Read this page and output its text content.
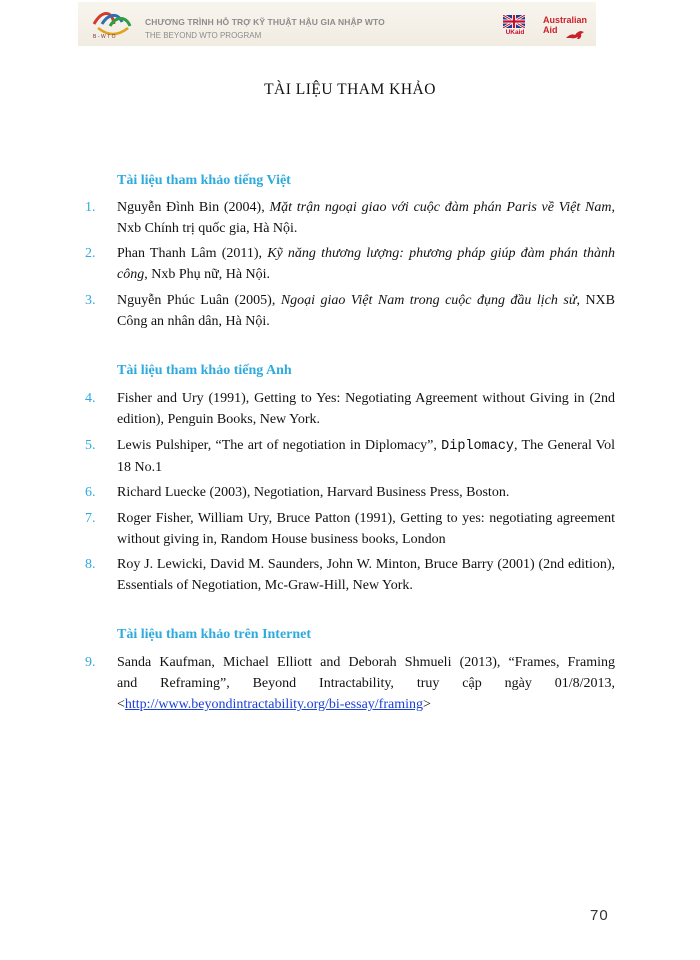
B-WTO
CHƯƠNG TRÌNH HỖ TRỢ KỸ THUẬT HẬU GIA NHẬP WTO
THE BEYOND WTO PROGRAM	UKaid
Australian
Aid
TÀI LIỆU THAM KHẢO
Tài liệu tham khảo tiếng Việt
1. Nguyễn Đình Bin (2004), Mặt trận ngoại giao với cuộc đàm phán Paris về Việt Nam, Nxb Chính trị quốc gia, Hà Nội.
2. Phan Thanh Lâm (2011), Kỹ năng thương lượng: phương pháp giúp đàm phán thành công, Nxb Phụ nữ, Hà Nội.
3. Nguyễn Phúc Luân (2005), Ngoại giao Việt Nam trong cuộc đụng đầu lịch sử, NXB Công an nhân dân, Hà Nội.
Tài liệu tham khảo tiếng Anh
4. Fisher and Ury (1991), Getting to Yes: Negotiating Agreement without Giving in (2nd edition), Penguin Books, New York.
5. Lewis Pulshiper, “The art of negotiation in Diplomacy”, Diplomacy, The General Vol 18 No.1
6. Richard Luecke (2003), Negotiation, Harvard Business Press, Boston.
7. Roger Fisher, William Ury, Bruce Patton (1991), Getting to yes: negotiating agreement without giving in, Random House business books, London
8. Roy J. Lewicki, David M. Saunders, John W. Minton, Bruce Barry (2001) (2nd edition), Essentials of Negotiation, Mc-Graw-Hill, New York.
Tài liệu tham khảo trên Internet
9. Sanda Kaufman, Michael Elliott and Deborah Shmueli (2013), “Frames, Framing
and Reframing”, Beyond Intractability, truy cập ngày 01/8/2013,
<http://www.beyondintractability.org/bi-essay/framing>
70
